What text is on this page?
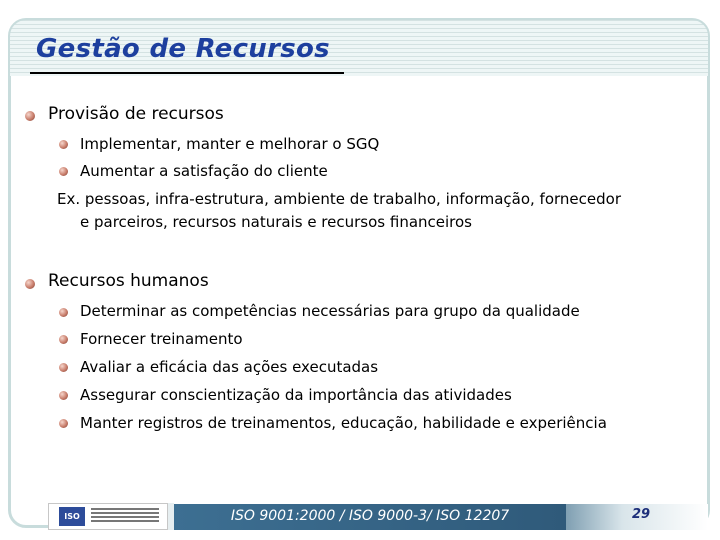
Gestão de Recursos

Provisão de recursos

Implementar, manter e melhorar o SGQ

Aumentar a satisfação do cliente

Ex. pessoas, infra-estrutura, ambiente de trabalho, informação, fornecedor

e parceiros, recursos naturais e recursos financeiros

Recursos humanos

Determinar as competências necessárias para grupo da qualidade

Fornecer treinamento

Avaliar a eficácia das ações executadas

Assegurar conscientização da importância das atividades

Manter registros de treinamentos, educação, habilidade e experiência

ISO	ISO 9001:2000 / ISO 9000-3/ ISO 12207	29
